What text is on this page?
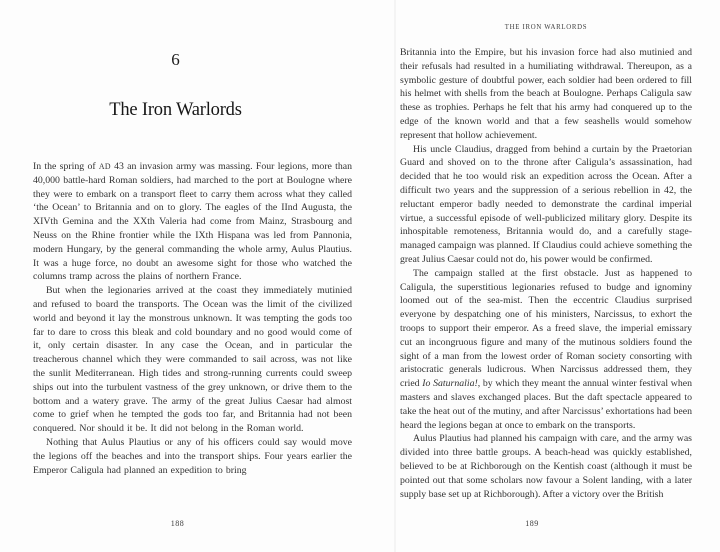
6
The Iron Warlords

In the spring of AD 43 an invasion army was massing. Four legions, more than 40,000 battle-hard Roman soldiers, had marched to the port at Boulogne where they were to embark on a transport fleet to carry them across what they called ‘the Ocean’ to Britannia and on to glory. The eagles of the IInd Augusta, the XIVth Gemina and the XXth Valeria had come from Mainz, Strasbourg and Neuss on the Rhine frontier while the IXth Hispana was led from Pannonia, modern Hungary, by the general commanding the whole army, Aulus Plautius. It was a huge force, no doubt an awesome sight for those who watched the columns tramp across the plains of northern France.

But when the legionaries arrived at the coast they immediately mutinied and refused to board the transports. The Ocean was the limit of the civilized world and beyond it lay the monstrous unknown. It was tempting the gods too far to dare to cross this bleak and cold boundary and no good would come of it, only certain disaster. In any case the Ocean, and in particular the treacherous channel which they were commanded to sail across, was not like the sunlit Mediterranean. High tides and strong-running currents could sweep ships out into the turbulent vastness of the grey unknown, or drive them to the bottom and a watery grave. The army of the great Julius Caesar had almost come to grief when he tempted the gods too far, and Britannia had not been conquered. Nor should it be. It did not belong in the Roman world.

Nothing that Aulus Plautius or any of his officers could say would move the legions off the beaches and into the transport ships. Four years earlier the Emperor Caligula had planned an expedition to bring

188
THE IRON WARLORDS

Britannia into the Empire, but his invasion force had also mutinied and their refusals had resulted in a humiliating withdrawal. Thereupon, as a symbolic gesture of doubtful power, each soldier had been ordered to fill his helmet with shells from the beach at Boulogne. Perhaps Caligula saw these as trophies. Perhaps he felt that his army had conquered up to the edge of the known world and that a few seashells would somehow represent that hollow achievement.

His uncle Claudius, dragged from behind a curtain by the Praetorian Guard and shoved on to the throne after Caligula’s assassination, had decided that he too would risk an expedition across the Ocean. After a difficult two years and the suppression of a serious rebellion in 42, the reluctant emperor badly needed to demonstrate the cardinal imperial virtue, a successful episode of well-publicized military glory. Despite its inhospitable remoteness, Britannia would do, and a carefully stage-managed campaign was planned. If Claudius could achieve something the great Julius Caesar could not do, his power would be confirmed.

The campaign stalled at the first obstacle. Just as happened to Caligula, the superstitious legionaries refused to budge and ignominy loomed out of the sea-mist. Then the eccentric Claudius surprised everyone by despatching one of his ministers, Narcissus, to exhort the troops to support their emperor. As a freed slave, the imperial emissary cut an incongruous figure and many of the mutinous soldiers found the sight of a man from the lowest order of Roman society consorting with aristocratic generals ludicrous. When Narcissus addressed them, they cried Io Saturnalia!, by which they meant the annual winter festival when masters and slaves exchanged places. But the daft spectacle appeared to take the heat out of the mutiny, and after Narcissus’ exhortations had been heard the legions began at once to embark on the transports.

Aulus Plautius had planned his campaign with care, and the army was divided into three battle groups. A beach-head was quickly established, believed to be at Richborough on the Kentish coast (although it must be pointed out that some scholars now favour a Solent landing, with a later supply base set up at Richborough). After a victory over the British

189
